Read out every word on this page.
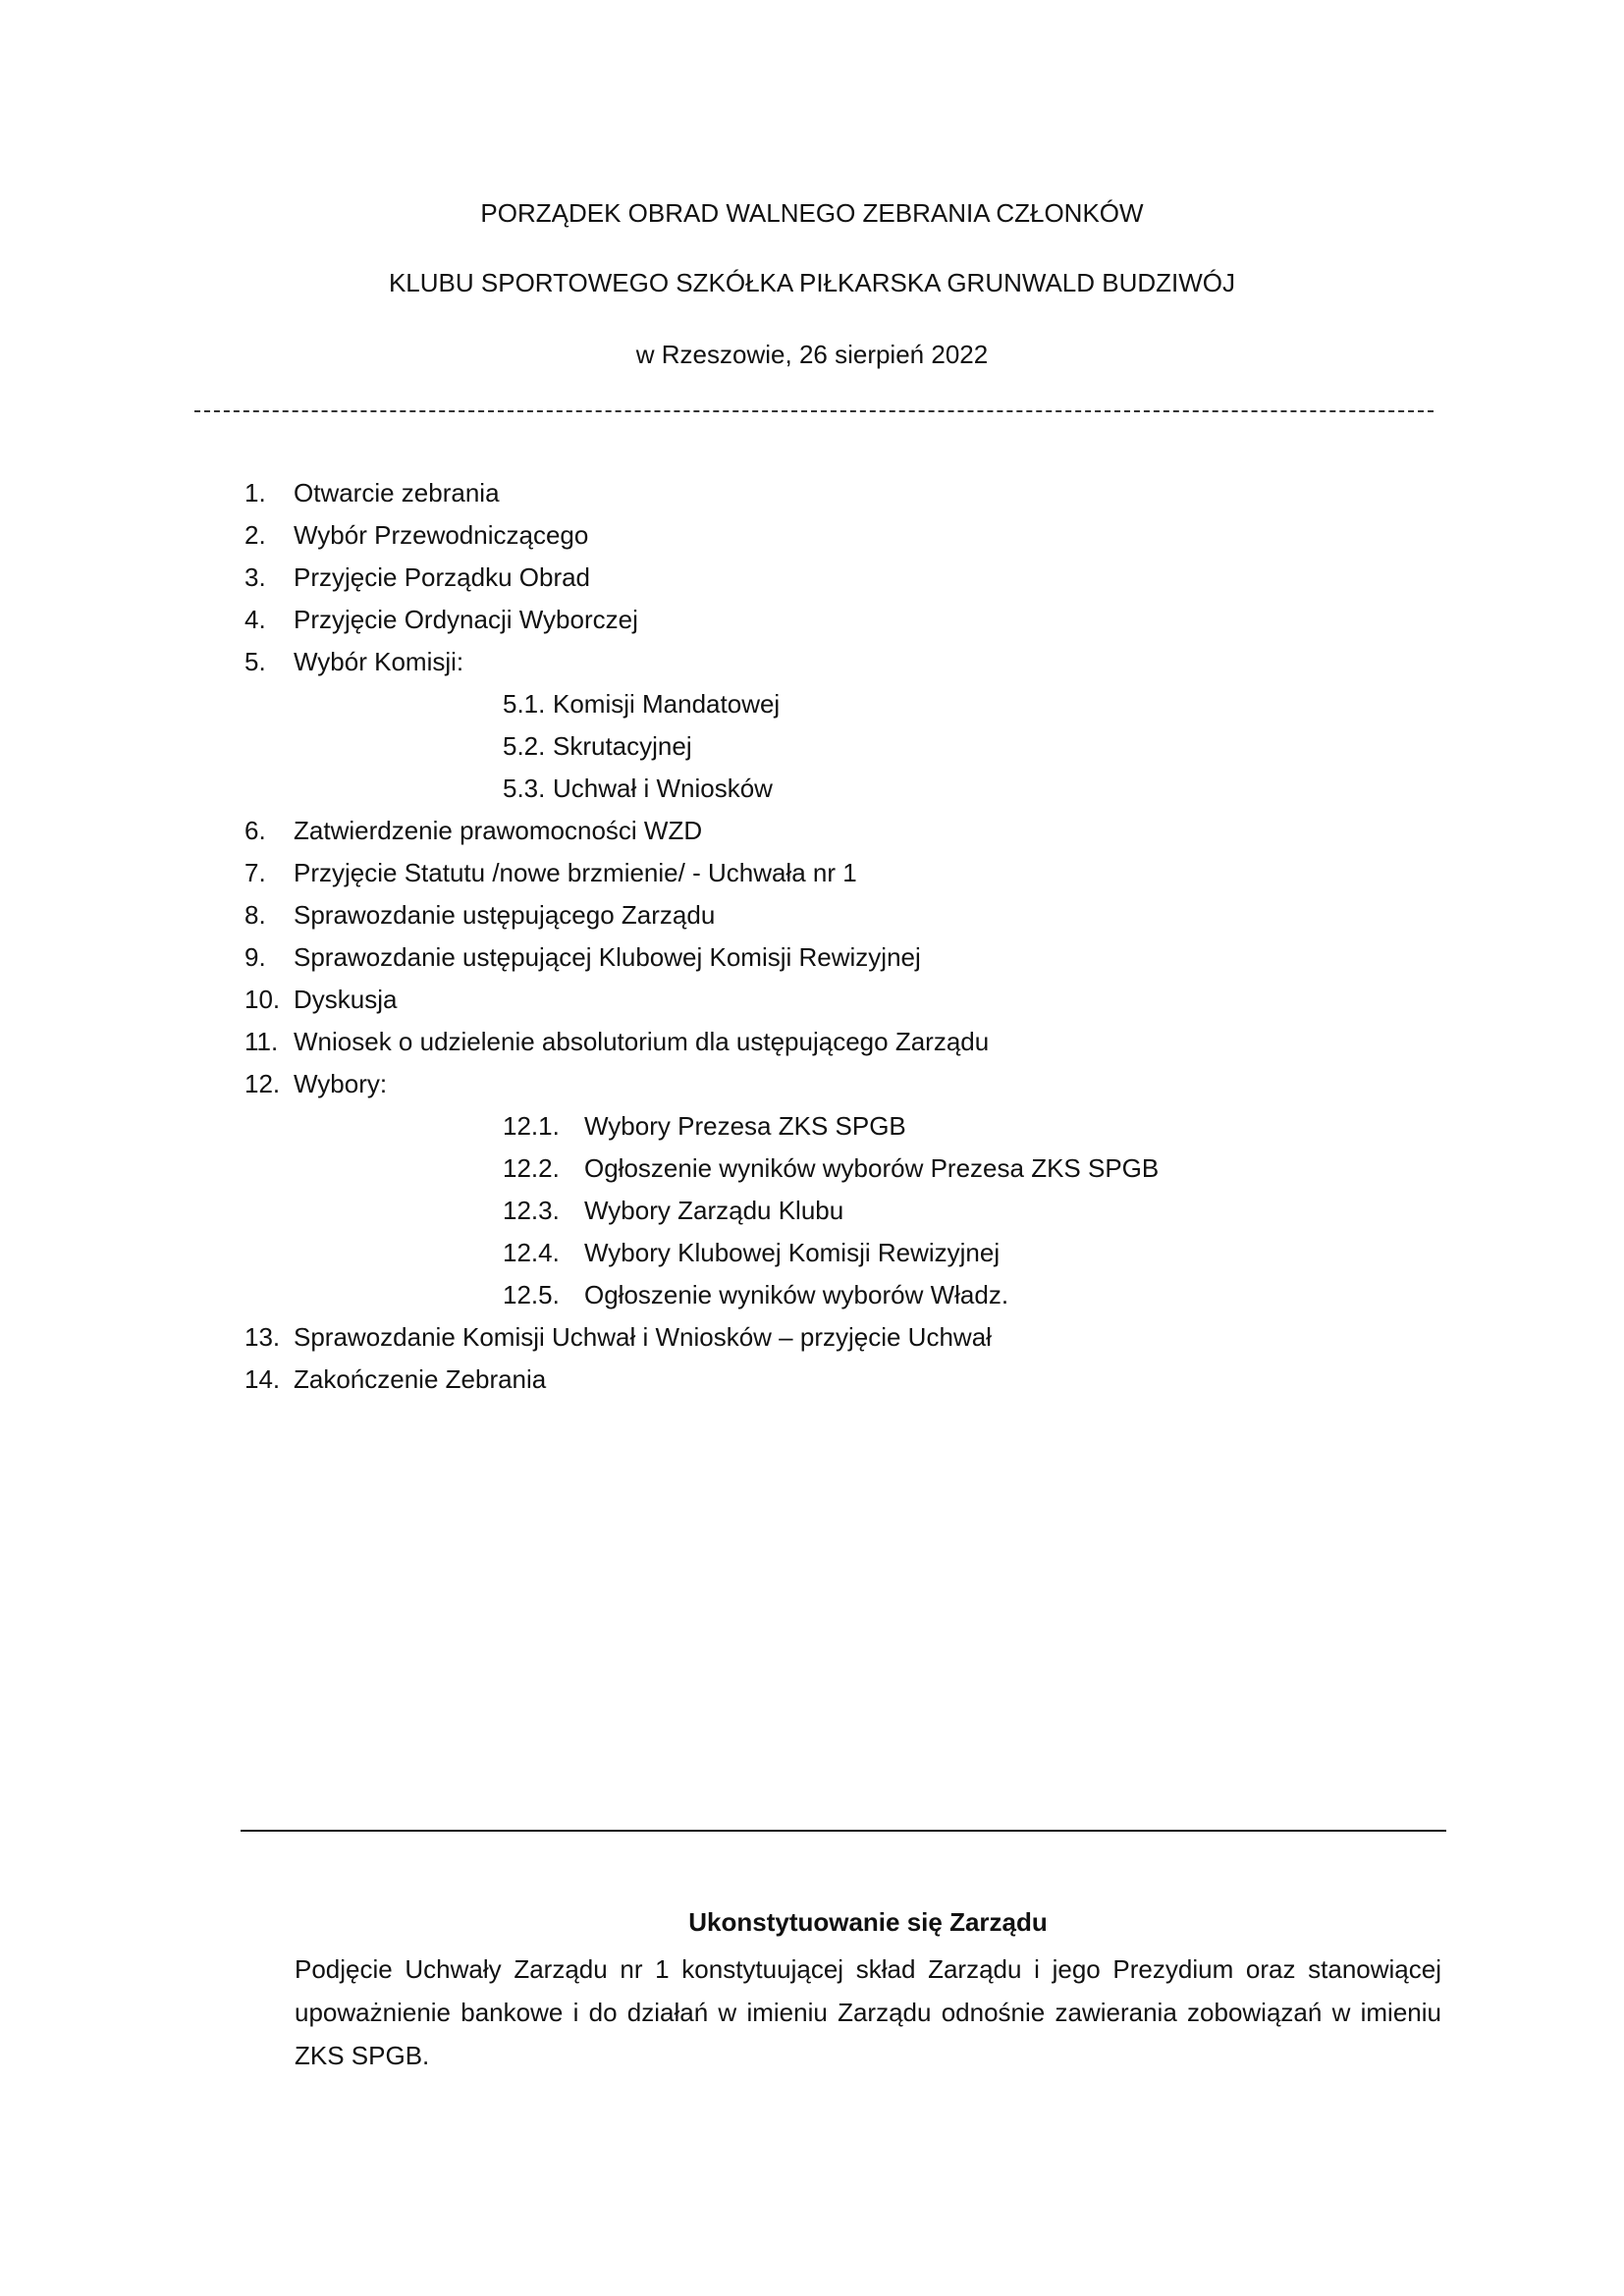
PORZĄDEK OBRAD WALNEGO ZEBRANIA CZŁONKÓW
KLUBU SPORTOWEGO SZKÓŁKA PIŁKARSKA GRUNWALD BUDZIWÓJ
w Rzeszowie, 26 sierpień 2022
1. Otwarcie zebrania
2. Wybór Przewodniczącego
3. Przyjęcie Porządku Obrad
4. Przyjęcie Ordynacji Wyborczej
5. Wybór Komisji:
5.1. Komisji Mandatowej
5.2. Skrutacyjnej
5.3. Uchwał i Wniosków
6. Zatwierdzenie prawomocności WZD
7. Przyjęcie Statutu /nowe brzmienie/ - Uchwała nr 1
8. Sprawozdanie ustępującego Zarządu
9. Sprawozdanie ustępującej Klubowej Komisji Rewizyjnej
10. Dyskusja
11. Wniosek o udzielenie absolutorium dla ustępującego Zarządu
12. Wybory:
12.1. Wybory Prezesa ZKS SPGB
12.2. Ogłoszenie wyników wyborów Prezesa ZKS SPGB
12.3. Wybory Zarządu Klubu
12.4. Wybory Klubowej Komisji Rewizyjnej
12.5. Ogłoszenie wyników wyborów Władz.
13. Sprawozdanie Komisji Uchwał i Wniosków – przyjęcie Uchwał
14. Zakończenie Zebrania
Ukonstytuowanie się Zarządu
Podjęcie Uchwały Zarządu nr 1 konstytuującej skład Zarządu i jego Prezydium oraz stanowiącej upoważnienie bankowe i do działań w imieniu Zarządu odnośnie zawierania zobowiązań w imieniu ZKS SPGB.
